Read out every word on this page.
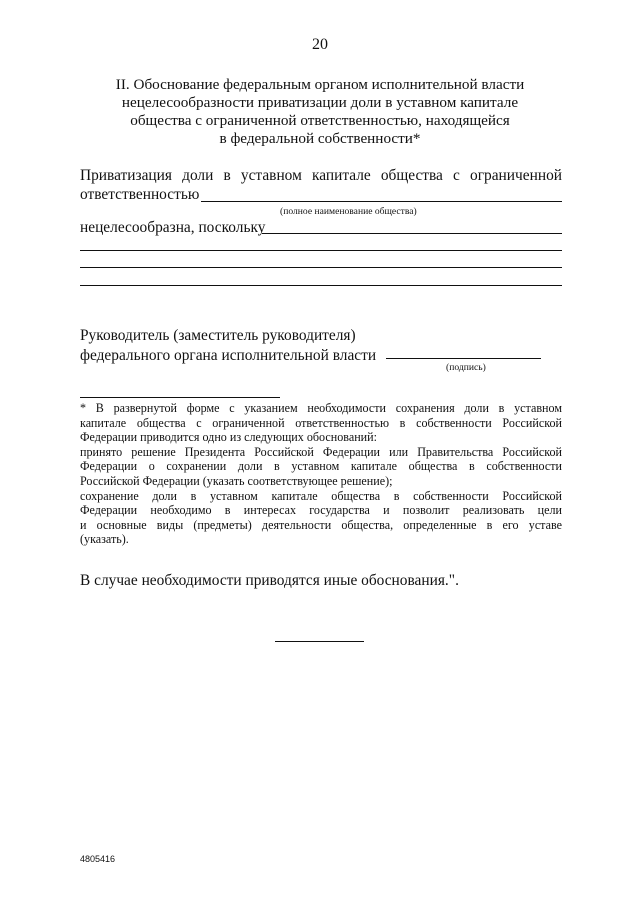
20
II. Обоснование федеральным органом исполнительной власти
нецелесообразности приватизации доли в уставном капитале
общества с ограниченной ответственностью, находящейся
в федеральной собственности*
Приватизация доли в уставном капитале общества с ограниченной
ответственностью
(полное наименование общества)
нецелесообразна, поскольку
Руководитель (заместитель руководителя)
федерального органа исполнительной власти
(подпись)
* В развернутой форме с указанием необходимости сохранения доли в уставном
капитале общества с ограниченной ответственностью в собственности Российской
Федерации приводится одно из следующих обоснований:
принято решение Президента Российской Федерации или Правительства Российской
Федерации о сохранении доли в уставном капитале общества в собственности
Российской Федерации (указать соответствующее решение);
сохранение доли в уставном капитале общества в собственности Российской
Федерации необходимо в интересах государства и позволит реализовать цели
и основные виды (предметы) деятельности общества, определенные в его уставе
(указать).
В случае необходимости приводятся иные обоснования.".
4805416
